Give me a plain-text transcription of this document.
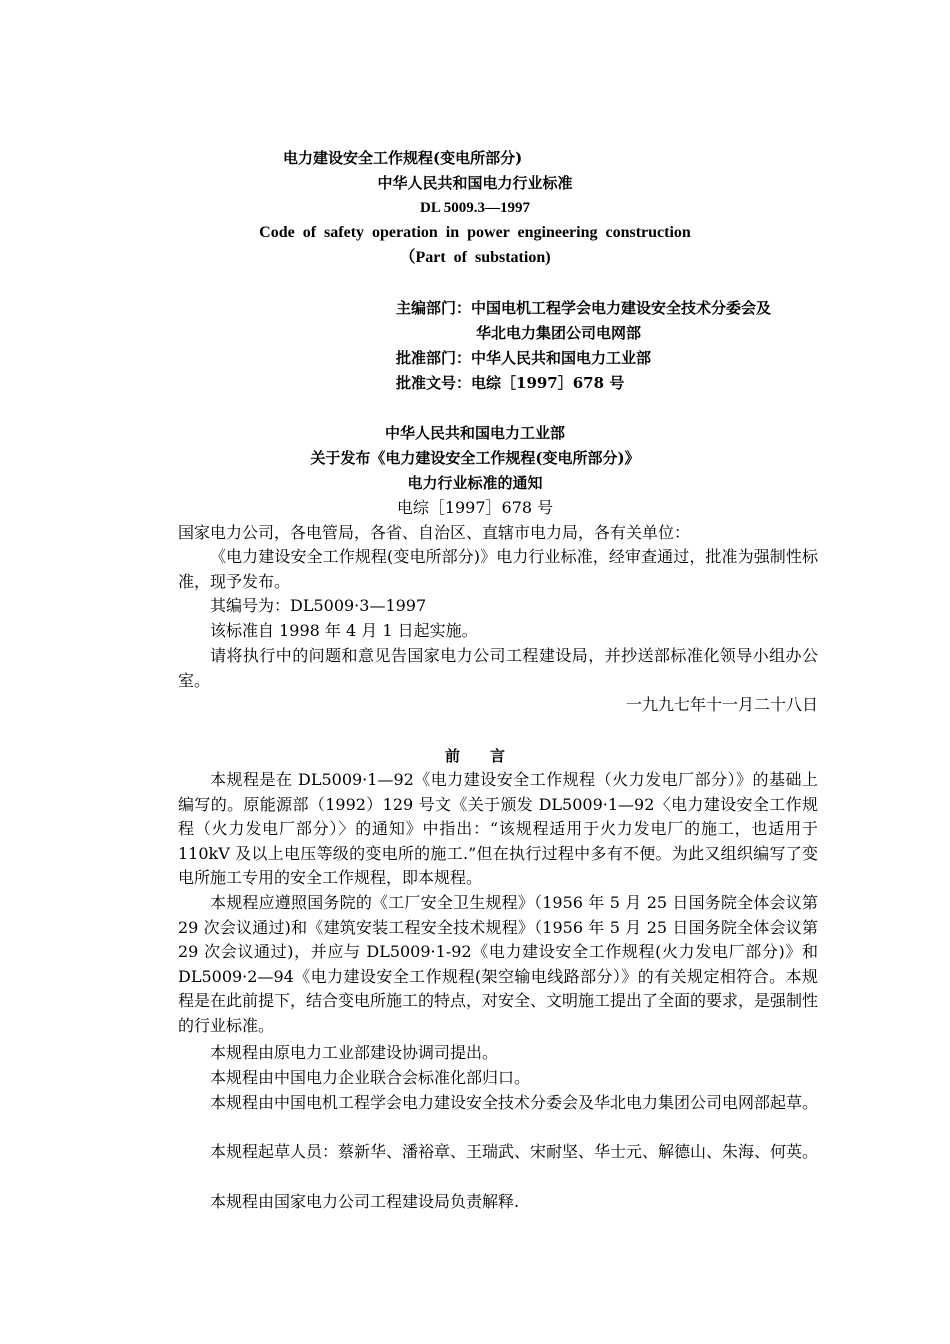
电力建设安全工作规程(变电所部分)
中华人民共和国电力行业标准
DL 5009.3—1997
Code of safety operation in power engineering construction
（Part of substation)
主编部门：中国电机工程学会电力建设安全技术分委会及
华北电力集团公司电网部
批准部门：中华人民共和国电力工业部
批准文号：电综［1997］678 号
中华人民共和国电力工业部
关于发布《电力建设安全工作规程(变电所部分)》
电力行业标准的通知
电综［1997］678 号
国家电力公司，各电管局，各省、自治区、直辖市电力局，各有关单位：
《电力建设安全工作规程(变电所部分)》电力行业标准，经审查通过，批准为强制性标准，现予发布。
其编号为：DL5009·3—1997
该标准自 1998 年 4 月 1 日起实施。
请将执行中的问题和意见告国家电力公司工程建设局，并抄送部标准化领导小组办公室。
一九九七年十一月二十八日
前　　言
本规程是在 DL5009·1—92《电力建设安全工作规程（火力发电厂部分）》的基础上编写的。原能源部（1992）129 号文《关于颁发 DL5009·1—92〈电力建设安全工作规程（火力发电厂部分）〉的通知》中指出：“该规程适用于火力发电厂的施工，也适用于 110kV 及以上电压等级的变电所的施工.”但在执行过程中多有不便。为此又组织编写了变电所施工专用的安全工作规程，即本规程。
本规程应遵照国务院的《工厂安全卫生规程》（1956 年 5 月 25 日国务院全体会议第 29 次会议通过)和《建筑安装工程安全技术规程》（1956 年 5 月 25 日国务院全体会议第 29 次会议通过)，并应与 DL5009·1-92《电力建设安全工作规程(火力发电厂部分)》和 DL5009·2—94《电力建设安全工作规程(架空输电线路部分）》的有关规定相符合。本规程是在此前提下，结合变电所施工的特点，对安全、文明施工提出了全面的要求，是强制性的行业标准。
本规程由原电力工业部建设协调司提出。
本规程由中国电力企业联合会标准化部归口。
本规程由中国电机工程学会电力建设安全技术分委会及华北电力集团公司电网部起草。
本规程起草人员：蔡新华、潘裕章、王瑞武、宋耐坚、华士元、解德山、朱海、何英。
本规程由国家电力公司工程建设局负责解释.
